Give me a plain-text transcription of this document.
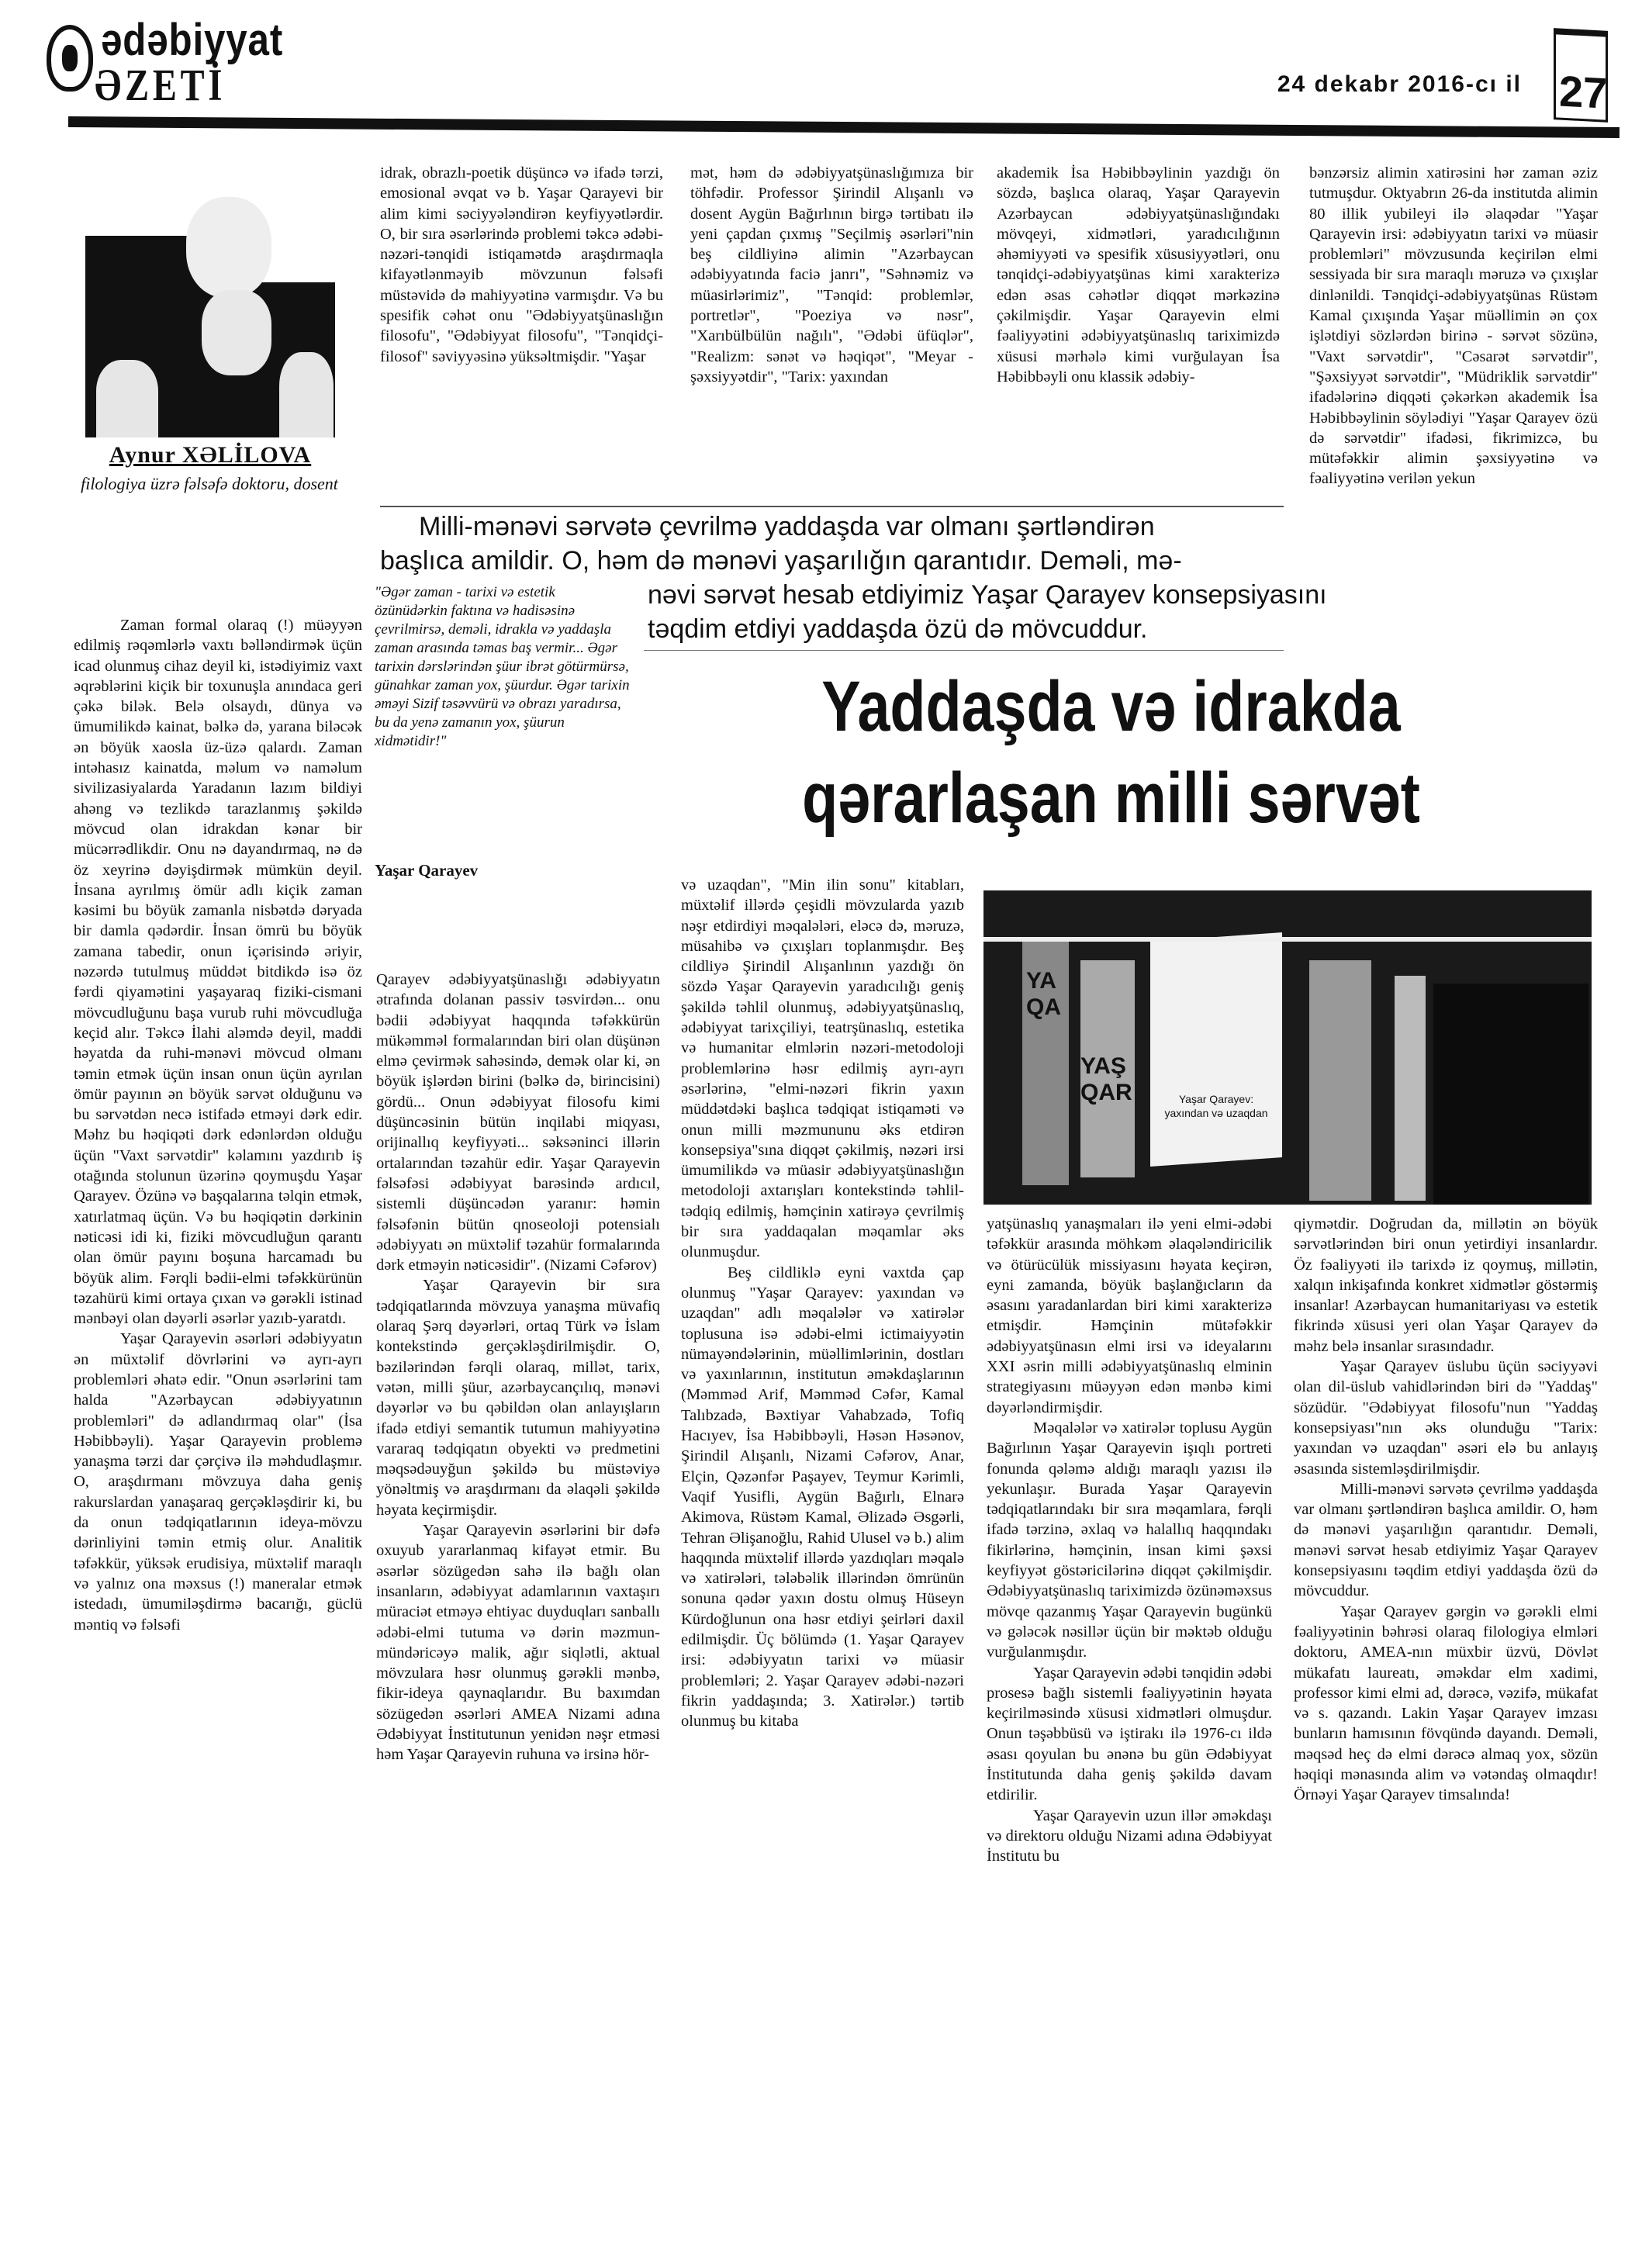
ədəbiyyat
ƏZETİ	24 dekabr 2016-cı il 27
Aynur XƏLİLOVA
filologiya üzrə fəlsəfə doktoru, dosent

Zaman formal olaraq (!) müəyyən edilmiş rəqəmlərlə vaxtı bəlləndirmək üçün icad olunmuş cihaz deyil ki, istədiyimiz vaxt əqrəblərini kiçik bir toxunuşla anındaca geri çəkə bilək. Belə olsaydı, dünya və ümumilikdə kainat, bəlkə də, yarana biləcək ən böyük xaosla üz-üzə qalardı. Zaman intəhasız kainatda, məlum və naməlum sivilizasiyalarda Yaradanın lazım bildiyi ahəng və tezlikdə tarazlanmış şəkildə mövcud olan idrakdan kənar bir mücərrədlikdir. Onu nə dayandırmaq, nə də öz xeyrinə dəyişdirmək mümkün deyil. İnsana ayrılmış ömür adlı kiçik zaman kəsimi bu böyük zamanla nisbətdə dəryada bir damla qədərdir. İnsan ömrü bu böyük zamana tabedir, onun içərisində əriyir, nəzərdə tutulmuş müddət bitdikdə isə öz fərdi qiyamətini yaşayaraq fiziki-cismani mövcudluğunu başa vurub ruhi mövcudluğa keçid alır. Təkcə İlahi aləmdə deyil, maddi həyatda da ruhi-mənəvi mövcud olmanı təmin etmək üçün insan onun üçün ayrılan ömür payının ən böyük sərvət olduğunu və bu sərvətdən necə istifadə etməyi dərk edir. Məhz bu həqiqəti dərk edənlərdən olduğu üçün "Vaxt sərvətdir" kəlamını yazdırıb iş otağında stolunun üzərinə qoymuşdu Yaşar Qarayev. Özünə və başqalarına təlqin etmək, xatırlatmaq üçün. Və bu həqiqətin dərkinin nəticəsi idi ki, fiziki mövcudluğun qarantı olan ömür payını boşuna harcamadı bu böyük alim. Fərqli bədii-elmi təfəkkürünün təzahürü kimi ortaya çıxan və gərəkli istinad mənbəyi olan dəyərli əsərlər yazıb-yaratdı.

Yaşar Qarayevin əsərləri ədəbiyyatın ən müxtəlif dövrlərini və ayrı-ayrı problemləri əhatə edir. "Onun əsərlərini tam halda "Azərbaycan ədəbiyyatının problemləri" də adlandırmaq olar" (İsa Həbibbəyli). Yaşar Qarayevin problemə yanaşma tərzi dar çərçivə ilə məhdudlaşmır. O, araşdırmanı mövzuya daha geniş rakurslardan yanaşaraq gerçəkləşdirir ki, bu da onun tədqiqatlarının ideya-mövzu dərinliyini təmin etmiş olur. Analitik təfəkkür, yüksək erudisiya, müxtəlif maraqlı və yalnız ona məxsus (!) maneralar etmək istedadı, ümumiləşdirmə bacarığı, güclü məntiq və fəlsəfi

idrak, obrazlı-poetik düşüncə və ifadə tərzi, emosional əvqat və b. Yaşar Qarayevi bir alim kimi səciyyələndirən keyfiyyətlərdir. O, bir sıra əsərlərində problemi təkcə ədəbi-nəzəri-tənqidi istiqamətdə araşdırmaqla kifayətlənməyib mövzunun fəlsəfi müstəvidə də mahiyyətinə varmışdır. Və bu spesifik cəhət onu "Ədəbiyyatşünaslığın filosofu", "Ədəbiyyat filosofu", "Tənqidçi-filosof" səviyyəsinə yüksəltmişdir. "Yaşar

mət, həm də ədəbiyyatşünaslığımıza bir töhfədir. Professor Şirindil Alışanlı və dosent Aygün Bağırlının birgə tərtibatı ilə yeni çapdan çıxmış "Seçilmiş əsərləri"nin beş cildliyinə alimin "Azərbaycan ədəbiyyatında faciə janrı", "Səhnəmiz və müasirlərimiz", "Tənqid: problemlər, portretlər", "Poeziya və nəsr", "Xarıbülbülün nağılı", "Ədəbi üfüqlər", "Realizm: sənət və həqiqət", "Meyar - şəxsiyyətdir", "Tarix: yaxından

akademik İsa Həbibbəylinin yazdığı ön sözdə, başlıca olaraq, Yaşar Qarayevin Azərbaycan ədəbiyyatşünaslığındakı mövqeyi, xidmətləri, yaradıcılığının əhəmiyyəti və spesifik xüsusiyyətləri, onu tənqidçi-ədəbiyyatşünas kimi xarakterizə edən əsas cəhətlər diqqət mərkəzinə çəkilmişdir. Yaşar Qarayevin elmi fəaliyyətini ədəbiyyatşünaslıq tariximizdə xüsusi mərhələ kimi vurğulayan İsa Həbibbəyli onu klassik ədəbiy-

bənzərsiz alimin xatirəsini hər zaman əziz tutmuşdur. Oktyabrın 26-da institutda alimin 80 illik yubileyi ilə əlaqədar "Yaşar Qarayevin irsi: ədəbiyyatın tarixi və müasir problemləri" mövzusunda keçirilən elmi sessiyada bir sıra maraqlı məruzə və çıxışlar dinlənildi. Tənqidçi-ədəbiyyatşünas Rüstəm Kamal çıxışında Yaşar müəllimin ən çox işlətdiyi sözlərdən birinə - sərvət sözünə, "Vaxt sərvətdir", "Cəsarət sərvətdir", "Şəxsiyyət sərvətdir", "Müdriklik sərvətdir" ifadələrinə diqqəti çəkərkən akademik İsa Həbibbəylinin söylədiyi "Yaşar Qarayev özü də sərvətdir" ifadəsi, fikrimizcə, bu mütəfəkkir alimin şəxsiyyətinə və fəaliyyətinə verilən yekun

Milli-mənəvi sərvətə çevrilmə yaddaşda var olmanı şərtləndirən
başlıca amildir. O, həm də mənəvi yaşarılığın qarantıdır. Deməli, mə-
nəvi sərvət hesab etdiyimiz Yaşar Qarayev konsepsiyasını
təqdim etdiyi yaddaşda özü də mövcuddur.
"Əgər zaman - tarixi və estetik özünüdərkin faktına və hadisəsinə çevrilmirsə, deməli, idrakla və yaddaşla zaman arasında təmas baş vermir... Əgər tarixin dərslərindən şüur ibrət götürmürsə, günahkar zaman yox, şüurdur. Əgər tarixin əməyi Sizif təsəvvürü və obrazı yaradırsa, bu da yenə zamanın yox, şüurun xidmətidir!"
Yaşar Qarayev
Yaddaşda və idrakda
qərarlaşan milli sərvət
YA QA
YAŞ QAR	Yaşar Qarayev: yaxından və uzaqdan

Qarayev ədəbiyyatşünaslığı ədəbiyyatın ətrafında dolanan passiv təsvirdən... onu bədii ədəbiyyat haqqında təfəkkürün mükəmməl formalarından biri olan düşünən elmə çevirmək sahəsində, demək olar ki, ən böyük işlərdən birini (bəlkə də, birincisini) gördü... Onun ədəbiyyat filosofu kimi düşüncəsinin bütün inqilabi miqyası, orijinallıq keyfiyyəti... səksəninci illərin ortalarından təzahür edir. Yaşar Qarayevin fəlsəfəsi ədəbiyyat barəsində ardıcıl, sistemli düşüncədən yaranır: həmin fəlsəfənin bütün qnoseoloji potensialı ədəbiyyatı ən müxtəlif təzahür formalarında dərk etməyin nəticəsidir". (Nizami Cəfərov)

Yaşar Qarayevin bir sıra tədqiqatlarında mövzuya yanaşma müvafiq olaraq Şərq dəyərləri, ortaq Türk və İslam kontekstində gerçəkləşdirilmişdir. O, bəzilərindən fərqli olaraq, millət, tarix, vətən, milli şüur, azərbaycançılıq, mənəvi dəyərlər və bu qəbildən olan anlayışların ifadə etdiyi semantik tutumun mahiyyətinə vararaq tədqiqatın obyekti və predmetini məqsədəuyğun şəkildə bu müstəviyə yönəltmiş və araşdırmanı da əlaqəli şəkildə həyata keçirmişdir.

Yaşar Qarayevin əsərlərini bir dəfə oxuyub yararlanmaq kifayət etmir. Bu əsərlər sözügedən sahə ilə bağlı olan insanların, ədəbiyyat adamlarının vaxtaşırı müraciət etməyə ehtiyac duyduqları sanballı ədəbi-elmi tutuma və dərin məzmun-mündəricəyə malik, ağır siqlətli, aktual mövzulara həsr olunmuş gərəkli mənbə, fikir-ideya qaynaqlarıdır. Bu baxımdan sözügedən əsərləri AMEA Nizami adına Ədəbiyyat İnstitutunun yenidən nəşr etməsi həm Yaşar Qarayevin ruhuna və irsinə hör-

və uzaqdan", "Min ilin sonu" kitabları, müxtəlif illərdə çeşidli mövzularda yazıb nəşr etdirdiyi məqalələri, eləcə də, məruzə, müsahibə və çıxışları toplanmışdır. Beş cildliyə Şirindil Alışanlının yazdığı ön sözdə Yaşar Qarayevin yaradıcılığı geniş şəkildə təhlil olunmuş, ədəbiyyatşünaslıq, ədəbiyyat tarixçiliyi, teatrşünaslıq, estetika və humanitar elmlərin nəzəri-metodoloji problemlərinə həsr edilmiş ayrı-ayrı əsərlərinə, "elmi-nəzəri fikrin yaxın müddətdəki başlıca tədqiqat istiqaməti və onun milli məzmununu əks etdirən konsepsiya"sına diqqət çəkilmiş, nəzəri irsi ümumilikdə və müasir ədəbiyyatşünaslığın metodoloji axtarışları kontekstində təhlil-tədqiq edilmiş, həmçinin xatirəyə çevrilmiş bir sıra yaddaqalan məqamlar əks olunmuşdur.

Beş cildliklə eyni vaxtda çap olunmuş "Yaşar Qarayev: yaxından və uzaqdan" adlı məqalələr və xatirələr toplusuna isə ədəbi-elmi ictimaiyyətin nümayəndələrinin, müəllimlərinin, dostları və yaxınlarının, institutun əməkdaşlarının (Məmməd Arif, Məmməd Cəfər, Kamal Talıbzadə, Bəxtiyar Vahabzadə, Tofiq Hacıyev, İsa Həbibbəyli, Həsən Həsənov, Şirindil Alışanlı, Nizami Cəfərov, Anar, Elçin, Qəzənfər Paşayev, Teymur Kərimli, Vaqif Yusifli, Aygün Bağırlı, Elnarə Akimova, Rüstəm Kamal, Əlizadə Əsgərli, Tehran Əlişanoğlu, Rahid Ulusel və b.) alim haqqında müxtəlif illərdə yazdıqları məqalə və xatirələri, tələbəlik illərindən ömrünün sonuna qədər yaxın dostu olmuş Hüseyn Kürdoğlunun ona həsr etdiyi şeirləri daxil edilmişdir. Üç bölümdə (1. Yaşar Qarayev irsi: ədəbiyyatın tarixi və müasir problemləri; 2. Yaşar Qarayev ədəbi-nəzəri fikrin yaddaşında; 3. Xatirələr.) tərtib olunmuş bu kitaba

yatşünaslıq yanaşmaları ilə yeni elmi-ədəbi təfəkkür arasında möhkəm əlaqələndiricilik və ötürücülük missiyasını həyata keçirən, eyni zamanda, böyük başlanğıcların da əsasını yaradanlardan biri kimi xarakterizə etmişdir. Həmçinin mütəfəkkir ədəbiyyatşünasın elmi irsi və ideyalarını XXI əsrin milli ədəbiyyatşünaslıq elminin strategiyasını müəyyən edən mənbə kimi dəyərləndirmişdir.

Məqalələr və xatirələr toplusu Aygün Bağırlının Yaşar Qarayevin işıqlı portreti fonunda qələmə aldığı maraqlı yazısı ilə yekunlaşır. Burada Yaşar Qarayevin tədqiqatlarındakı bir sıra məqamlara, fərqli ifadə tərzinə, əxlaq və halallıq haqqındakı fikirlərinə, həmçinin, insan kimi şəxsi keyfiyyət göstəricilərinə diqqət çəkilmişdir. Ədəbiyyatşünaslıq tariximizdə özünəməxsus mövqe qazanmış Yaşar Qarayevin bugünkü və gələcək nəsillər üçün bir məktəb olduğu vurğulanmışdır.

Yaşar Qarayevin ədəbi tənqidin ədəbi prosesə bağlı sistemli fəaliyyətinin həyata keçirilməsində xüsusi xidmətləri olmuşdur. Onun təşəbbüsü və iştirakı ilə 1976-cı ildə əsası qoyulan bu ənənə bu gün Ədəbiyyat İnstitutunda daha geniş şəkildə davam etdirilir.

Yaşar Qarayevin uzun illər əməkdaşı və direktoru olduğu Nizami adına Ədəbiyyat İnstitutu bu

qiymətdir. Doğrudan da, millətin ən böyük sərvətlərindən biri onun yetirdiyi insanlardır. Öz fəaliyyəti ilə tarixdə iz qoymuş, millətin, xalqın inkişafında konkret xidmətlər göstərmiş insanlar! Azərbaycan humanitariyası və estetik fikrində xüsusi yeri olan Yaşar Qarayev də məhz belə insanlar sırasındadır.

Yaşar Qarayev üslubu üçün səciyyəvi olan dil-üslub vahidlərindən biri də "Yaddaş" sözüdür. "Ədəbiyyat filosofu"nun "Yaddaş konsepsiyası"nın əks olunduğu "Tarix: yaxından və uzaqdan" əsəri elə bu anlayış əsasında sistemləşdirilmişdir.

Milli-mənəvi sərvətə çevrilmə yaddaşda var olmanı şərtləndirən başlıca amildir. O, həm də mənəvi yaşarılığın qarantıdır. Deməli, mənəvi sərvət hesab etdiyimiz Yaşar Qarayev konsepsiyasını təqdim etdiyi yaddaşda özü də mövcuddur.

Yaşar Qarayev gərgin və gərəkli elmi fəaliyyətinin bəhrəsi olaraq filologiya elmləri doktoru, AMEA-nın müxbir üzvü, Dövlət mükafatı laureatı, əməkdar elm xadimi, professor kimi elmi ad, dərəcə, vəzifə, mükafat və s. qazandı. Lakin Yaşar Qarayev imzası bunların hamısının fövqündə dayandı. Deməli, məqsəd heç də elmi dərəcə almaq yox, sözün həqiqi mənasında alim və vətəndaş olmaqdır! Örnəyi Yaşar Qarayev timsalında!
